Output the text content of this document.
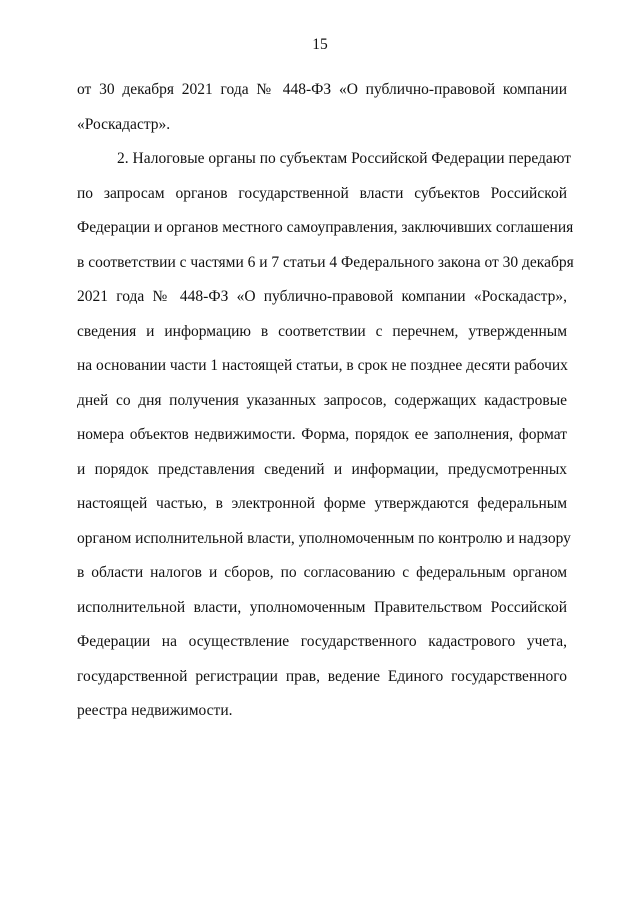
15
от 30 декабря 2021 года № 448-ФЗ «О публично-правовой компании
«Роскадастр».
2. Налоговые органы по субъектам Российской Федерации передают
по запросам органов государственной власти субъектов Российской
Федерации и органов местного самоуправления, заключивших соглашения
в соответствии с частями 6 и 7 статьи 4 Федерального закона от 30 декабря
2021 года № 448-ФЗ «О публично-правовой компании «Роскадастр»,
сведения и информацию в соответствии с перечнем, утвержденным
на основании части 1 настоящей статьи, в срок не позднее десяти рабочих
дней со дня получения указанных запросов, содержащих кадастровые
номера объектов недвижимости. Форма, порядок ее заполнения, формат
и порядок представления сведений и информации, предусмотренных
настоящей частью, в электронной форме утверждаются федеральным
органом исполнительной власти, уполномоченным по контролю и надзору
в области налогов и сборов, по согласованию с федеральным органом
исполнительной власти, уполномоченным Правительством Российской
Федерации на осуществление государственного кадастрового учета,
государственной регистрации прав, ведение Единого государственного
реестра недвижимости.
